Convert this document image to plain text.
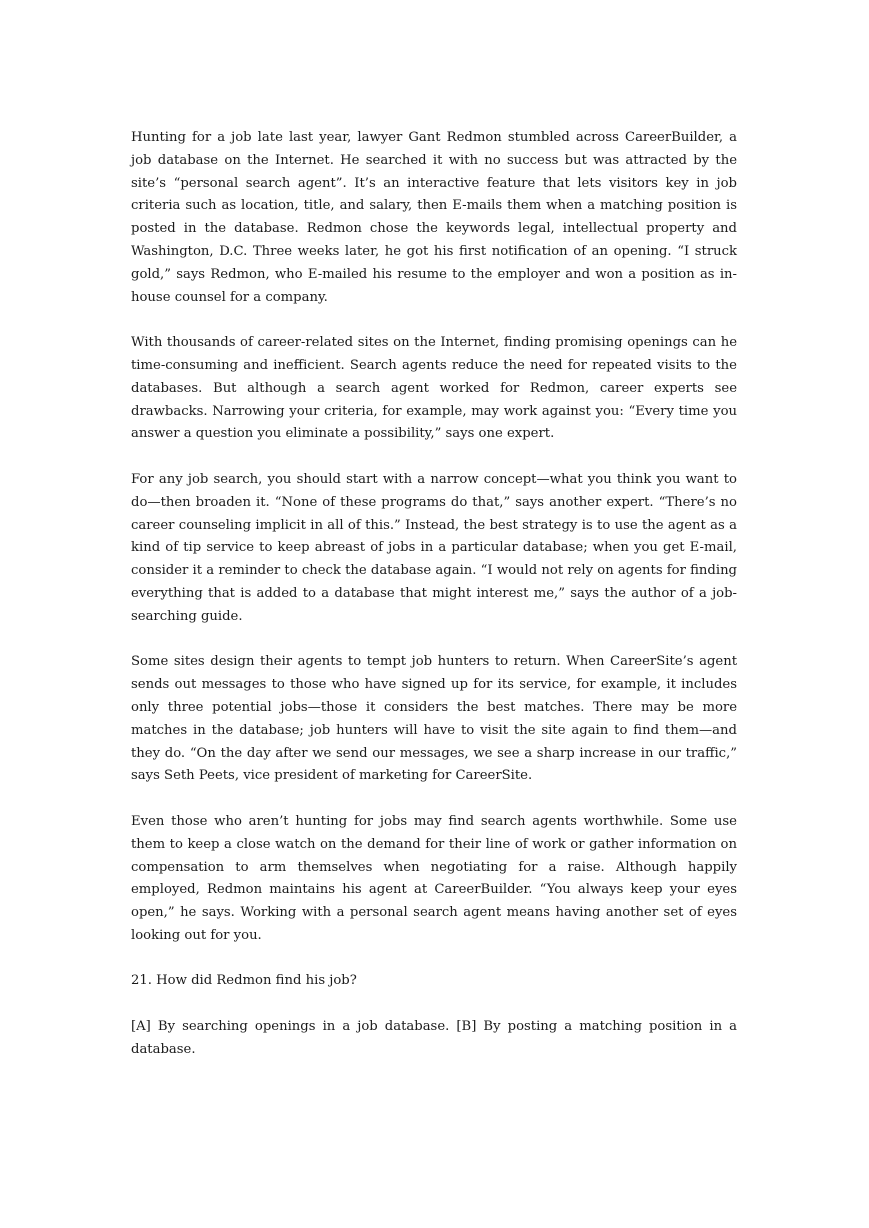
Hunting for a job late last year, lawyer Gant Redmon stumbled across CareerBuilder, a job database on the Internet. He searched it with no success but was attracted by the site’s “personal search agent”. It’s an interactive feature that lets visitors key in job criteria such as location, title, and salary, then E-mails them when a matching position is posted in the database. Redmon chose the keywords legal, intellectual property and Washington, D.C. Three weeks later, he got his first notification of an opening. “I struck gold,” says Redmon, who E-mailed his resume to the employer and won a position as in-house counsel for a company.

With thousands of career-related sites on the Internet, finding promising openings can he time-consuming and inefficient. Search agents reduce the need for repeated visits to the databases. But although a search agent worked for Redmon, career experts see drawbacks. Narrowing your criteria, for example, may work against you: “Every time you answer a question you eliminate a possibility,” says one expert.

For any job search, you should start with a narrow concept—what you think you want to do—then broaden it. “None of these programs do that,” says another expert. “There’s no career counseling implicit in all of this.” Instead, the best strategy is to use the agent as a kind of tip service to keep abreast of jobs in a particular database; when you get E-mail, consider it a reminder to check the database again. “I would not rely on agents for finding everything that is added to a database that might interest me,” says the author of a job-searching guide.

Some sites design their agents to tempt job hunters to return. When CareerSite’s agent sends out messages to those who have signed up for its service, for example, it includes only three potential jobs—those it considers the best matches. There may be more matches in the database; job hunters will have to visit the site again to find them—and they do. “On the day after we send our messages, we see a sharp increase in our traffic,” says Seth Peets, vice president of marketing for CareerSite.

Even those who aren’t hunting for jobs may find search agents worthwhile. Some use them to keep a close watch on the demand for their line of work or gather information on compensation to arm themselves when negotiating for a raise. Although happily employed, Redmon maintains his agent at CareerBuilder. “You always keep your eyes open,” he says. Working with a personal search agent means having another set of eyes looking out for you.

21. How did Redmon find his job?

[A] By searching openings in a job database. [B] By posting a matching position in a database.
